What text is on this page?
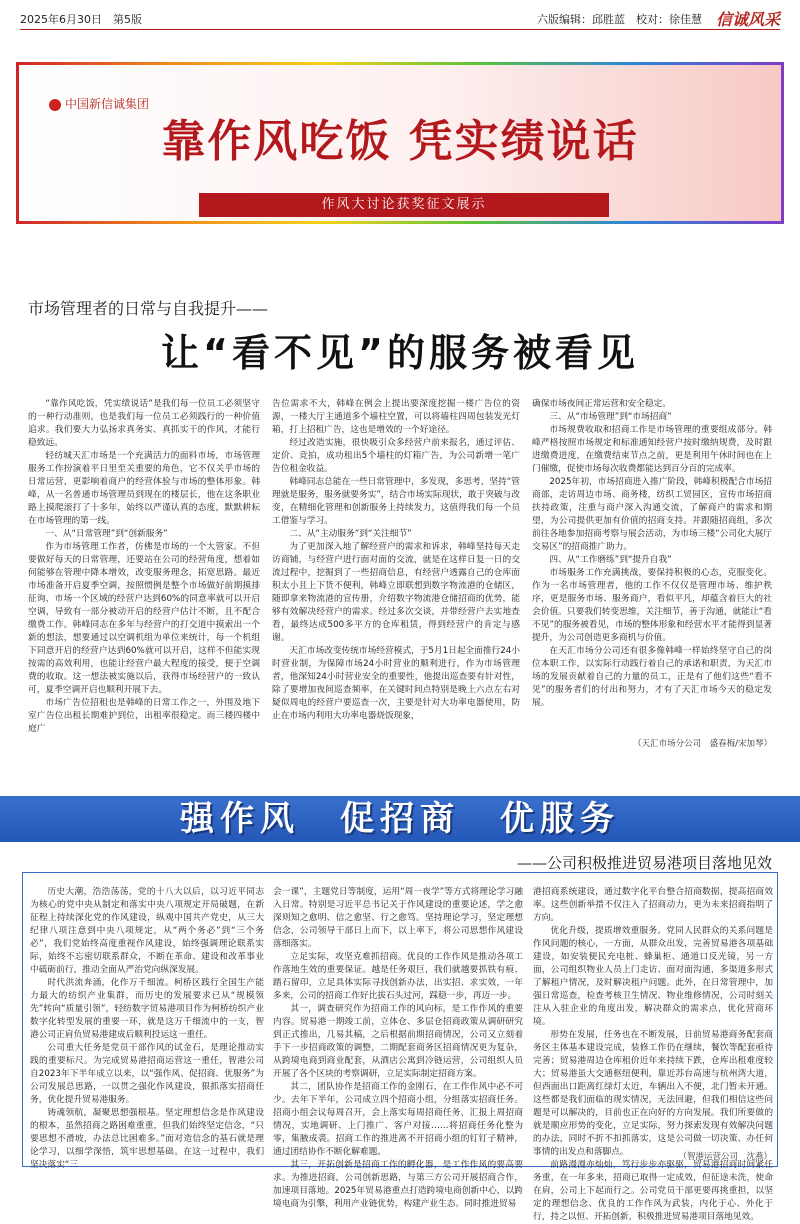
2025年6月30日　第5版	六版编辑：邱胜蓝　校对：徐佳慧 信诚风采
中国新信诚集团
靠作风吃饭 凭实绩说话
作风大讨论获奖征文展示
市场管理者的日常与自我提升——
让“看不见”的服务被看见

“靠作风吃饭，凭实绩说话”是我们每一位员工必须坚守的一种行动准则，也是我们每一位员工必须践行的一种价值追求。我们要大力弘扬求真务实、真抓实干的作风，才能行稳致远。

轻纺城天汇市场是一个充满活力的面料市场，市场管理服务工作扮演着平日里至关重要的角色，它不仅关乎市场的日常运营，更影响着商户的经营体验与市场的整体形象。韩峰，从一名普通市场管理员到现在的楼层长，他在这条职业路上摸爬滚打了十多年，始终以严谨认真的态度，默默耕耘在市场管理的第一线。

一、从“日常管理”到“创新服务”

作为市场管理工作者，仿佛是市场的一个大管家。不但要做好每天的日常管理，还要站在公司的经营角度，想着如何能够在管理中降本增效，改变服务理念，拓宽思路。最近市场准备开启夏季空调，按照惯例是整个市场做好前期摸排征询，市场一个区域的经营户达到60%的同意率就可以开启空调，导致有一部分被动开启的经营户估计不断，且不配合缴费工作。韩峰同志在多年与经营户的打交道中摸索出一个新的想法，想要通过以空调机组为单位来统计，每一个机组下同意开启的经营户达到60%就可以开启，这样不但能实现按需的高效利用，也能让经营户最大程度的接受，便于空调费的收取。这一想法被实施以后，获得市场经营户的一致认可，夏季空调开启也顺利开展下去。

市场广告位招租也是韩峰的日常工作之一，外围及地下室广告位出租长期难护到位，出租率很稳定。而三楼四楼中庭广

告位需求不大，韩峰在例会上提出要深度挖掘一楼广告位的资源，一楼大厅主通道多个墙柱空置，可以将墙柱四周包装发光灯箱，打上招租广告，这也是增效的一个好途径。

经过改造实施，很快吸引众多经营户前来报名，通过评估、定价、竞拍，成功租出5个墙柱的灯箱广告，为公司新增一笔广告位租金收益。

韩峰同志总能在一些日常管理中，多发现，多思考，坚持“管理就是服务，服务就要务实”，结合市场实际现状，敢于突破与改变，在精细化管理和创新服务上持续发力，这值得我们每一个员工借鉴与学习。

二、从“主动服务”到“关注细节”

为了更加深入地了解经营户的需求和诉求，韩峰坚持每天走访商铺，与经营户进行面对面的交流，就是在这样日复一日的交流过程中，挖掘到了一些招商信息，有经营户透露自己的仓库面积太小且上下货不便利，韩峰立即联想到数字物流港的仓储区，随即拿来物流港的宣传册，介绍数字物流港仓储招商的优势，能够有效解决经营户的需求。经过多次交谈，并带经营户去实地查看，最终达成500多平方的仓库租赁，得到经营户的肯定与感谢。

天汇市场改变传统市场经营模式，于5月1日起全面推行24小时营业制，为保障市场24小时营业的顺利进行，作为市场管理者，他深知24小时营业安全的重要性，他提出巡查要有针对性，除了要增加夜间巡查频率，在关键时间点特别是晚上六点左右对疑似周电的经营户要巡查一次，主要是针对大功率电器使用，防止在市场内利用大功率电器烧饭现象，

确保市场夜间正常运营和安全稳定。

三、从“市场管理”到“市场招商”

市场规费收取和招商工作是市场管理的重要组成部分。韩峰严格按照市场规定和标准通知经营户按时缴纳规费，及时跟进缴费进度，在缴费结束节点之前，更是利用午休时间也在上门催缴，促使市场每次收费都能达到百分百的完成率。

2025年初，市场招商进入推广阶段，韩峰积极配合市场招商部，走访周边市场、商务楼，纺织工贸园区，宣传市场招商扶持政策，注重与商户深入沟通交流，了解商户的需求和期望，为公司提供更加有价值的招商支持。并跟随招商组，多次前往各地参加招商考察与展会活动，为市场三楼“公司化大展厅交易区”的招商推广助力。

四、从“工作磨练”到“提升自我”

市场服务工作充满挑战，要保持积极的心态，克服变化。作为一名市场管理者，他的工作不仅仅是管理市场、维护秩序，更是服务市场、服务商户，看似平凡，却蕴含着巨大的社会价值。只要我们转变思维，关注细节，善于沟通，就能让“看不见”的服务被看见，市场的整体形象和经营水平才能得到显著提升，为公司创造更多商机与价值。

在天汇市场分公司还有很多像韩峰一样始终坚守自己的岗位本职工作，以实际行动践行着自己的承诺和职责，为天汇市场的发展贡献着自己的力量的员工，正是有了他们这些“看不见”的服务者们的付出和努力，才有了天汇市场今天的稳定发展。

（天汇市场分公司　盛春梅/宋加琴）
强作风　促招商　优服务
——公司积极推进贸易港项目落地见效

历史大潮，浩浩荡荡，党的十八大以后，以习近平同志为核心的党中央从制定和落实中央八项规定开局破题，在新征程上持续深化党的作风建设，纵观中国共产党史，从三大纪律八项注意到中央八项规定，从“两个务必”到“三个务必”，我们党始终高度重视作风建设，始终强调理论联系实际，始终不忘密切联系群众，不断在革命、建设和改革事业中砥砺前行，推动全面从严治党向纵深发展。

时代洪流奔涌，化作万千细流。柯桥区践行全国生产能力最大的纺织产业集群，而历史的发展要求已从“规模领先”转向“质量引领”，轻纺数字贸易港项目作为柯桥纺织产业数字化转型发展的重要一环，就是这万千细流中的一支，智港公司正肩负贸易港建成后顺利投运这一重任。

公司重大任务是党员干部作风的试金石，是理论推动实践的重要标尺。为完成贸易港招商运营这一重任，智港公司自2023年下半年成立以来，以“强作风、促招商、优服务”为公司发展总思路，一以贯之强化作风建设，狠抓落实招商任务，优化提升贸易港服务。

铸魂领航，凝聚思想强根基。坚定理想信念是作风建设的根本，虽然招商之路困难重重，但我们始终坚定信念，“只要思想不滑坡，办法总比困难多。”面对造信念的基石就是理论学习，以细学深悟，筑牢思想基础。在这一过程中，我们坚决落实“三

会一课”，主题党日等制度，运用“周一夜学”等方式将理论学习融入日常。特别是习近平总书记关于作风建设的重要论述，学之愈深则知之愈明、信之愈坚、行之愈笃。坚持理论学习，坚定理想信念，公司领导干部日上而下，以上率下，将公司思想作风建设落细落实。

立足实际，攻坚克难抓招商。优良的工作作风是推动各项工作落地生效的重要保证。越是任务艰巨，我们就越要抓铁有痕、踏石留印，立足具体实际寻找创新办法，出实招、求实效，一年多来，公司的招商工作好比拔石头过河，踩稳一步，再迈一步。

其一，调查研究作为招商工作的风向标，是工作作风的重要内容。贸易港一期竣工前，立体仓、多层仓招商政策从调研研究到正式推出，几易其稿，之后根据前期招商情况，公司又立刻着手下一步招商政策的调整，二期配套商务区招商情况更为复杂，从跨境电商到商业配套，从酒店公寓到冷链运营，公司组织人员开展了各个区块的考察调研，立足实际制定招商方案。

其二，团队协作是招商工作的金刚石，在工作作风中必不可少。去年下半年，公司成立四个招商小组，分组落实招商任务。招商小组会议每周召开，会上落实每周招商任务，汇报上周招商情况，实地调研、上门推广、客户对接……将招商任务化整为零，集腋成裘。招商工作的推进离不开招商小组的钉钉子精神，通过团结协作不断化解难题。

其三，开拓创新是招商工作的孵化器，是工作作风的要高要求。为推进招商，公司创新思路，与第三方公司开展招商合作，加速项目落地。2025年贸易港重点打造跨境电商创新中心，以跨境电商为引擎，利用产业链优势，构建产业生态。同时推进贸易

港招商系统建设，通过数字化平台整合招商数据，提高招商效率。这些创新举措不仅注入了招商动力，更为未来招商指明了方向。

优化升级，提质增效重服务。党同人民群众的关系问题是作风问题的核心，一方面，从群众出发，完善贸易港各项基础建设，如安装便民充电桩、蜂巢柜、通道口反光镜，另一方面，公司组织物业人员上门走访、面对面沟通，多渠道多形式了解租户情况，及时解决租户问题。此外，在日常管理中，加强日常巡查，检查考核卫生情况、物业维修情况，公司时刻关注从入驻企业的角度出发，解决群众的需求点，优化营商环境。

形势在发展，任务也在不断发展，日前贸易港商务配套商务区主体基本建设完成，装修工作仍在继续，餐饮等配套亟待完善；贸易港周边仓库租价近年来持续下跌，仓库出租难度较大；贸易港虽大交通枢纽便利，靠近苏台高速与杭州湾大道，但西面出口距离红绿灯太近，车辆出入不便，北门暂未开通。这些都是我们面临的现实情况，无法回避，但我们相信这些问题是可以解决的，目前也正在向好的方向发展。我们所要做的就是顺应形势的变化，立足实际，努力探索发现有效解决问题的办法，同时不折不扣抓落实，这是公司做一切决策、办任何事情的出发点和落脚点。

前路漫漫亦灿灿，笃行步步亦驱驱，贸易港招商时间紧任务重，在一年多来，招商已取得一定成效，但征途未洗，使命在肩，公司上下起而行之。公司党员干部更要再挑重担，以坚定的理想信念、优良的工作作风为武装，内化于心、外化于行，持之以恒、开拓创新，积极推进贸易港项目落地见效。

（智港运营公司　沈燕）
